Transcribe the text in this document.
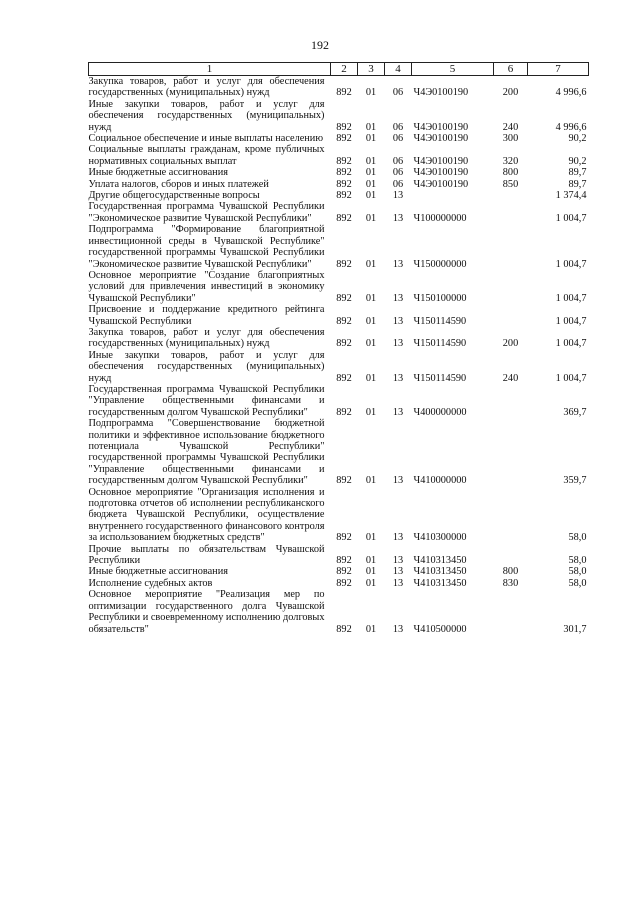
192
1	2	3	4	5	6	7
Закупка товаров, работ и услуг для обеспечения государственных (муниципальных) нужд	892	01	06	Ч4Э0100190	200	4 996,6
Иные закупки товаров, работ и услуг для обеспечения государственных (муниципальных) нужд	892	01	06	Ч4Э0100190	240	4 996,6
Социальное обеспечение и иные выплаты населению	892	01	06	Ч4Э0100190	300	90,2
Социальные выплаты гражданам, кроме публичных нормативных социальных выплат	892	01	06	Ч4Э0100190	320	90,2
Иные бюджетные ассигнования	892	01	06	Ч4Э0100190	800	89,7
Уплата налогов, сборов и иных платежей	892	01	06	Ч4Э0100190	850	89,7
Другие общегосударственные вопросы	892	01	13			1 374,4
Государственная программа Чувашской Республики "Экономическое развитие Чувашской Республики"	892	01	13	Ч100000000		1 004,7
Подпрограмма "Формирование благоприятной инвестиционной среды в Чувашской Республике" государственной программы Чувашской Республики "Экономическое развитие Чувашской Республики"	892	01	13	Ч150000000		1 004,7
Основное мероприятие "Создание благоприятных условий для привлечения инвестиций в экономику Чувашской Республики"	892	01	13	Ч150100000		1 004,7
Присвоение и поддержание кредитного рейтинга Чувашской Республики	892	01	13	Ч150114590		1 004,7
Закупка товаров, работ и услуг для обеспечения государственных (муниципальных) нужд	892	01	13	Ч150114590	200	1 004,7
Иные закупки товаров, работ и услуг для обеспечения государственных (муниципальных) нужд	892	01	13	Ч150114590	240	1 004,7
Государственная программа Чувашской Республики "Управление общественными финансами и государственным долгом Чувашской Республики"	892	01	13	Ч400000000		369,7
Подпрограмма "Совершенствование бюджетной политики и эффективное использование бюджетного потенциала Чувашской Республики" государственной программы Чувашской Республики "Управление общественными финансами и государственным долгом Чувашской Республики"	892	01	13	Ч410000000		359,7
Основное мероприятие "Организация исполнения и подготовка отчетов об исполнении республиканского бюджета Чувашской Республики, осуществление внутреннего государственного финансового контроля за использованием бюджетных средств"	892	01	13	Ч410300000		58,0
Прочие выплаты по обязательствам Чувашской Республики	892	01	13	Ч410313450		58,0
Иные бюджетные ассигнования	892	01	13	Ч410313450	800	58,0
Исполнение судебных актов	892	01	13	Ч410313450	830	58,0
Основное мероприятие "Реализация мер по оптимизации государственного долга Чувашской Республики и своевременному исполнению долговых обязательств"	892	01	13	Ч410500000		301,7
